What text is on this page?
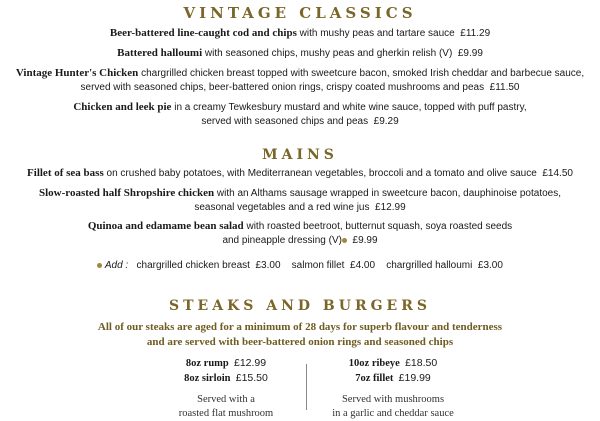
VINTAGE CLASSICS
Beer-battered line-caught cod and chips with mushy peas and tartare sauce £11.29
Battered halloumi with seasoned chips, mushy peas and gherkin relish (V) £9.99
Vintage Hunter's Chicken chargrilled chicken breast topped with sweetcure bacon, smoked Irish cheddar and barbecue sauce,
served with seasoned chips, beer-battered onion rings, crispy coated mushrooms and peas £11.50
Chicken and leek pie in a creamy Tewkesbury mustard and white wine sauce, topped with puff pastry,
served with seasoned chips and peas £9.29
MAINS
Fillet of sea bass on crushed baby potatoes, with Mediterranean vegetables, broccoli and a tomato and olive sauce £14.50
Slow-roasted half Shropshire chicken with an Althams sausage wrapped in sweetcure bacon, dauphinoise potatoes,
seasonal vegetables and a red wine jus £12.99
Quinoa and edamame bean salad with roasted beetroot, butternut squash, soya roasted seeds
and pineapple dressing (V) £9.99
Add : chargrilled chicken breast £3.00 salmon fillet £4.00 chargrilled halloumi £3.00
STEAKS AND BURGERS
All of our steaks are aged for a minimum of 28 days for superb flavour and tenderness
and are served with beer-battered onion rings and seasoned chips
8oz rump £12.99
8oz sirloin £15.50
Served with a
roasted flat mushroom
10oz ribeye £18.50
7oz fillet £19.99
Served with mushrooms
in a garlic and cheddar sauce
